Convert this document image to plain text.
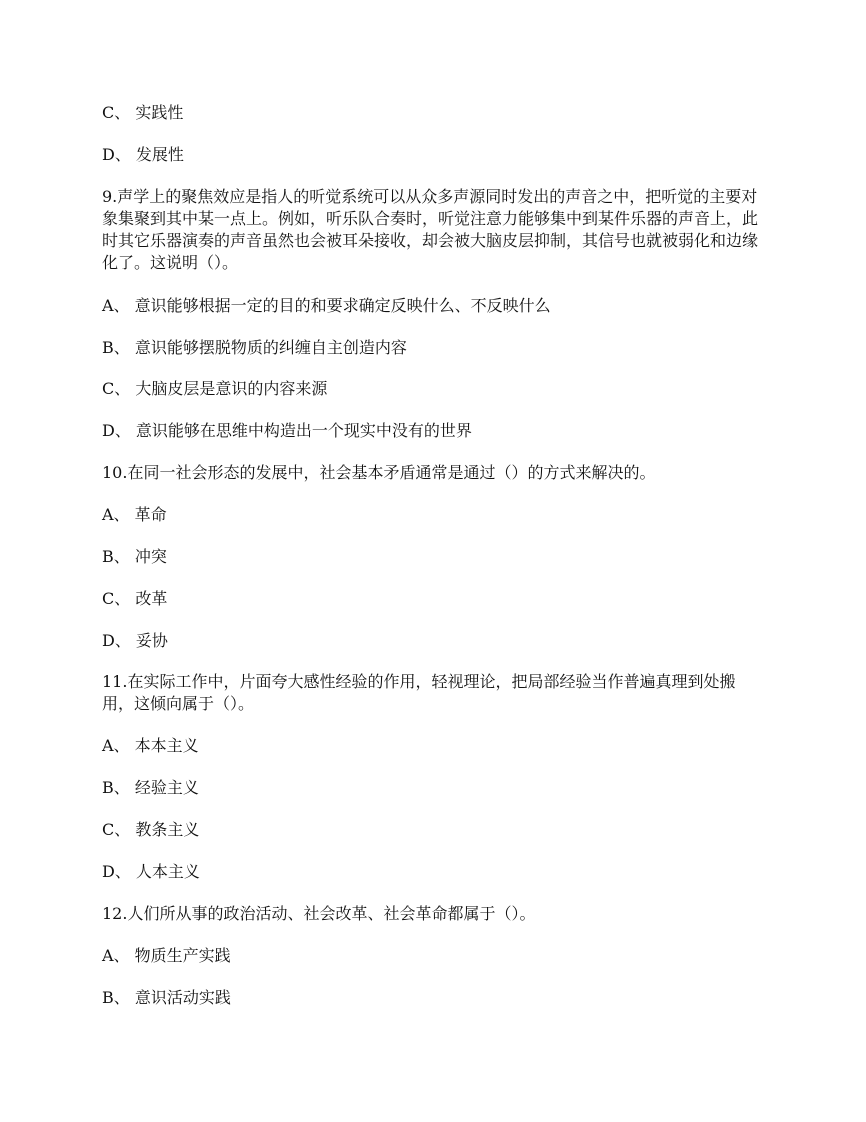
C、 实践性

D、 发展性

9.声学上的聚焦效应是指人的听觉系统可以从众多声源同时发出的声音之中，把听觉的主要对象集聚到其中某一点上。例如，听乐队合奏时，听觉注意力能够集中到某件乐器的声音上，此时其它乐器演奏的声音虽然也会被耳朵接收，却会被大脑皮层抑制，其信号也就被弱化和边缘化了。这说明（）。

A、 意识能够根据一定的目的和要求确定反映什么、不反映什么

B、 意识能够摆脱物质的纠缠自主创造内容

C、 大脑皮层是意识的内容来源

D、 意识能够在思维中构造出一个现实中没有的世界

10.在同一社会形态的发展中，社会基本矛盾通常是通过（）的方式来解决的。

A、 革命

B、 冲突

C、 改革

D、 妥协

11.在实际工作中，片面夸大感性经验的作用，轻视理论，把局部经验当作普遍真理到处搬用，这倾向属于（）。

A、 本本主义

B、 经验主义

C、 教条主义

D、 人本主义

12.人们所从事的政治活动、社会改革、社会革命都属于（）。

A、 物质生产实践

B、 意识活动实践
